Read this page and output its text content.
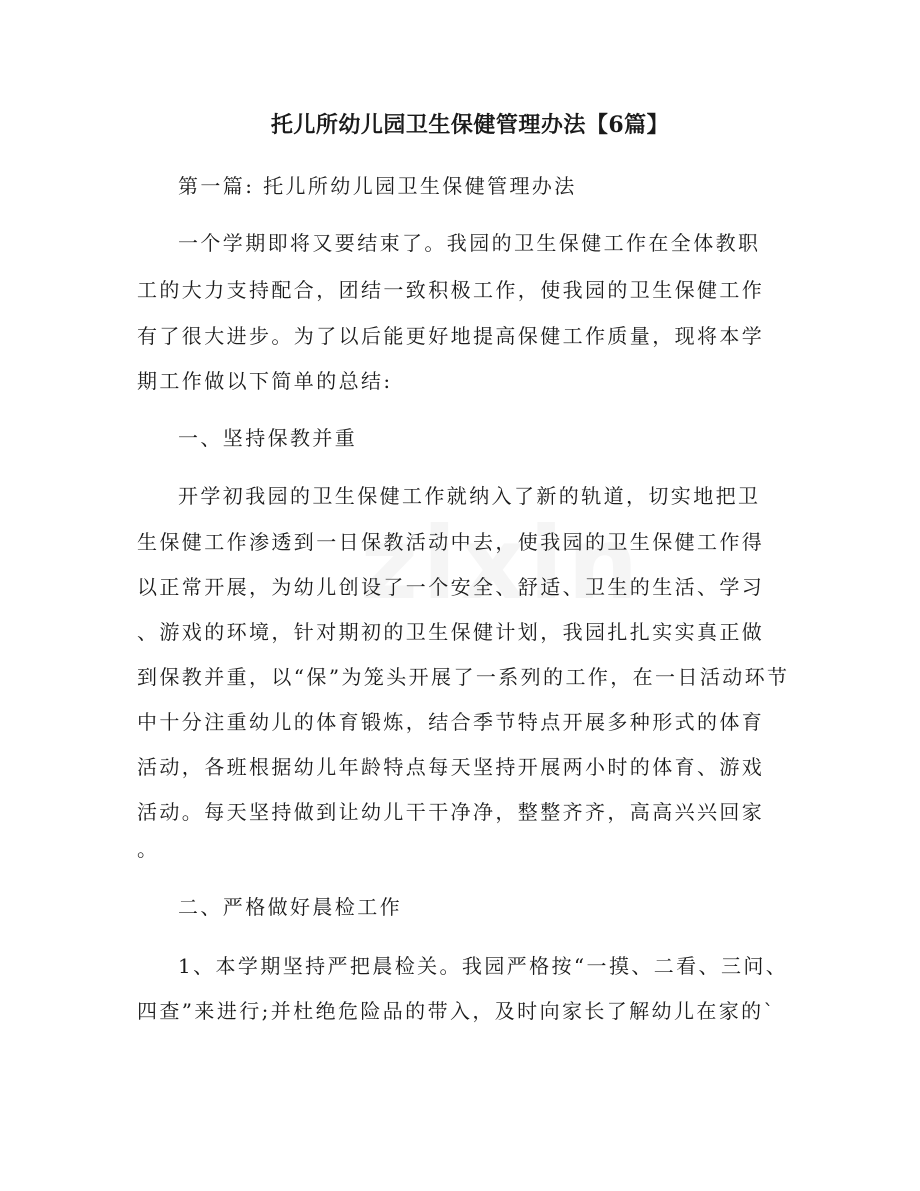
托儿所幼儿园卫生保健管理办法【6篇】

第一篇: 托儿所幼儿园卫生保健管理办法

一个学期即将又要结束了。我园的卫生保健工作在全体教职

工的大力支持配合，团结一致积极工作，使我园的卫生保健工作

有了很大进步。为了以后能更好地提高保健工作质量，现将本学

期工作做以下简单的总结:

一、坚持保教并重

开学初我园的卫生保健工作就纳入了新的轨道，切实地把卫

生保健工作渗透到一日保教活动中去，使我园的卫生保健工作得

以正常开展，为幼儿创设了一个安全、舒适、卫生的生活、学习

、游戏的环境，针对期初的卫生保健计划，我园扎扎实实真正做

到保教并重，以“保”为笼头开展了一系列的工作，在一日活动环节

中十分注重幼儿的体育锻炼，结合季节特点开展多种形式的体育

活动，各班根据幼儿年龄特点每天坚持开展两小时的体育、游戏

活动。每天坚持做到让幼儿干干净净，整整齐齐，高高兴兴回家

。

二、严格做好晨检工作

1、本学期坚持严把晨检关。我园严格按“一摸、二看、三问、

四查”来进行;并杜绝危险品的带入，及时向家长了解幼儿在家的`
